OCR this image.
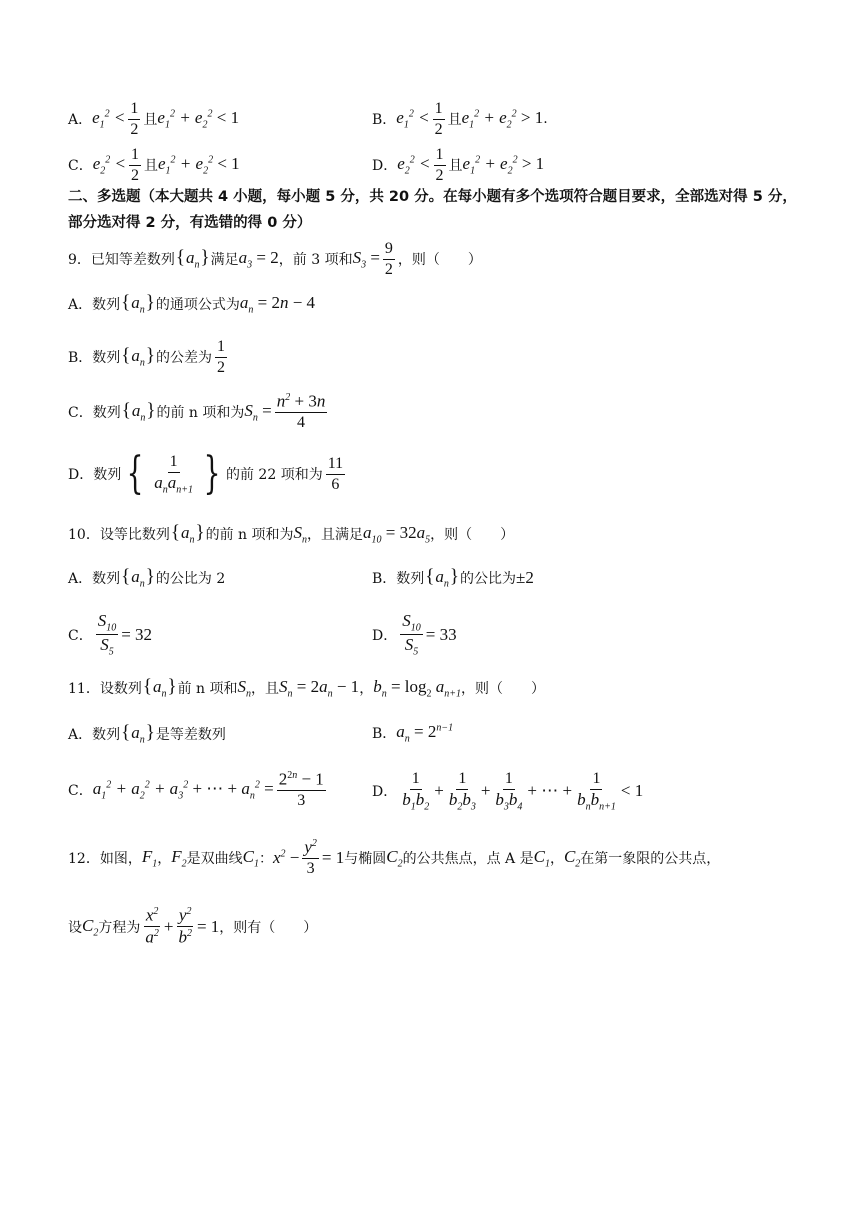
A． $e_1^2 < \frac{1}{2}$ 且 $e_1^2 + e_2^2 < 1$	B． $e_1^2 < \frac{1}{2}$ 且 $e_1^2 + e_2^2 > 1$ .
C． $e_2^2 < \frac{1}{2}$ 且 $e_1^2 + e_2^2 < 1$	D． $e_2^2 < \frac{1}{2}$ 且 $e_1^2 + e_2^2 > 1$
二、多选题（本大题共 4 小题，每小题 5 分，共 20 分。在每小题有多个选项符合题目要求，全部选对得 5 分，部分选对得 2 分，有选错的得 0 分）
9．已知等差数列 $\{a_n\}$ 满足 $a_3 = 2$ ，前 3 项和 $S_3 = \frac{9}{2}$ ，则（　　）
A．数列 $\{a_n\}$ 的通项公式为 $a_n = 2n - 4$
B．数列 $\{a_n\}$ 的公差为 $\frac{1}{2}$
C．数列 $\{a_n\}$ 的前 n 项和为 $S_n = \frac{n^2 + 3n}{4}$
D．数列 { $\frac{1}{a_na_{n+1}}$ } 的前 22 项和为 $\frac{11}{6}$
10．设等比数列 $\{a_n\}$ 的前 n 项和为 $S_n$ ，且满足 $a_{10} = 32a_5$ ，则（　　）
A．数列 $\{a_n\}$ 的公比为 2	B．数列 $\{a_n\}$ 的公比为 ±2
C． $\frac{S_{10}}{S_5} = 32$	D． $\frac{S_{10}}{S_5} = 33$
11．设数列 $\{a_n\}$ 前 n 项和 $S_n$ ，且 $S_n = 2a_n - 1$ ， $b_n = \log_2 a_{n+1}$ ，则（　　）
A．数列 $\{a_n\}$ 是等差数列	B． $a_n = 2^{n-1}$
C． $a_1^2 + a_2^2 + a_3^2$ + ⋯ + $a_n^2 = \frac{2^{2n} - 1}{3}$	D． $\frac{1}{b_1b_2} + \frac{1}{b_2b_3} + \frac{1}{b_3b_4}$ + ⋯ + $\frac{1}{b_nb_{n+1}} < 1$
12．如图， $F_1$ ， $F_2$ 是双曲线 $C_1$ ： $x^2 - \frac{y^2}{3} = 1$ 与椭圆 $C_2$ 的公共焦点，点 A 是 $C_1$ ， $C_2$ 在第一象限的公共点，
设 $C_2$ 方程为 $\frac{x^2}{a^2} + \frac{y^2}{b^2} = 1$ ，则有（　　）
